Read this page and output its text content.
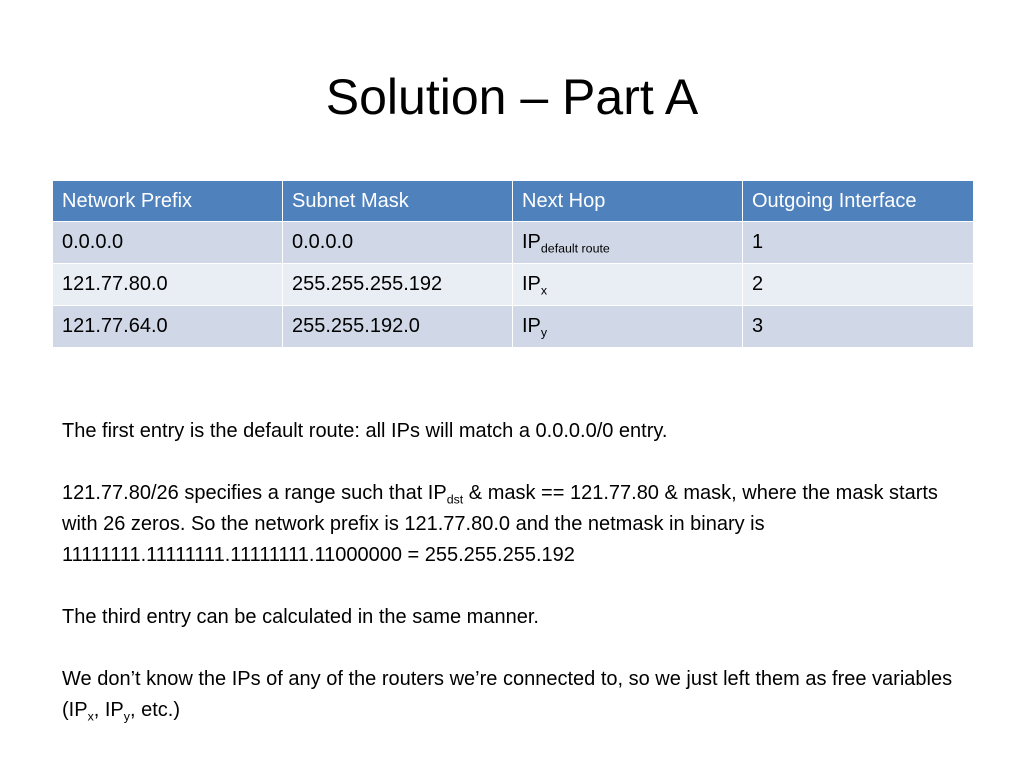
Solution – Part A
Network Prefix	Subnet Mask	Next Hop	Outgoing Interface
0.0.0.0	0.0.0.0	$IP_{default route}$	1
121.77.80.0	255.255.255.192	$IP_x$	2
121.77.64.0	255.255.192.0	$IP_y$	3

The first entry is the default route: all IPs will match a 0.0.0.0/0 entry.

121.77.80/26 specifies a range such that $IP_{dst}$ & mask == 121.77.80 & mask, where the mask starts with 26 zeros. So the network prefix is 121.77.80.0 and the netmask in binary is 11111111.11111111.11111111.11000000 = 255.255.255.192

The third entry can be calculated in the same manner.

We don’t know the IPs of any of the routers we’re connected to, so we just left them as free variables ($IP_x$, $IP_y$, etc.)
